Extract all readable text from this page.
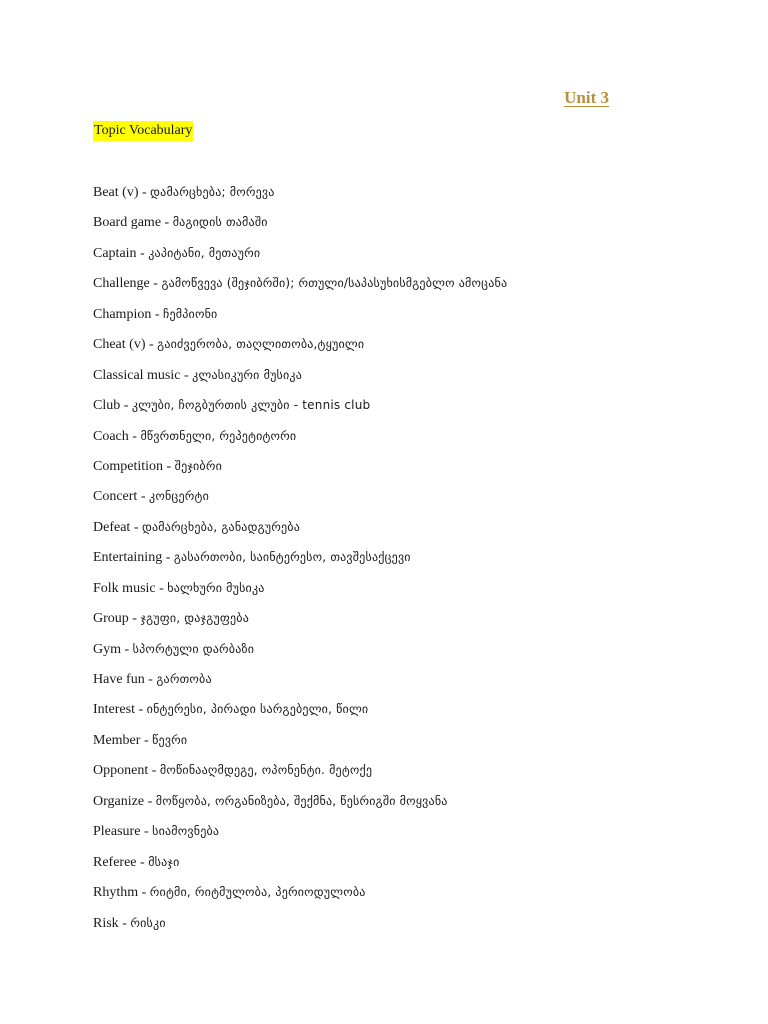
Unit 3
Topic Vocabulary
Beat (v) - დამარცხება; მორევა
Board game - მაგიდის თამაში
Captain - კაპიტანი, მეთაური
Challenge - გამოწვევა (შეჯიბრში); რთული/საპასუხისმგებლო ამოცანა
Champion - ჩემპიონი
Cheat (v) - გაიძვერობა, თაღლითობა,ტყუილი
Classical music - კლასიკური მუსიკა
Club - კლუბი, ჩოგბურთის კლუბი - tennis club
Coach - მწვრთნელი, რეპეტიტორი
Competition - შეჯიბრი
Concert - კონცერტი
Defeat - დამარცხება, განადგურება
Entertaining - გასართობი, საინტერესო, თავშესაქცევი
Folk music - ხალხური მუსიკა
Group - ჯგუფი, დაჯგუფება
Gym - სპორტული დარბაზი
Have fun - გართობა
Interest - ინტერესი, პირადი სარგებელი, წილი
Member - წევრი
Opponent - მოწინააღმდეგე, ოპონენტი. მეტოქე
Organize - მოწყობა, ორგანიზება, შექმნა, წესრიგში მოყვანა
Pleasure - სიამოვნება
Referee - მსაჯი
Rhythm - რიტმი, რიტმულობა, პერიოდულობა
Risk - რისკი
